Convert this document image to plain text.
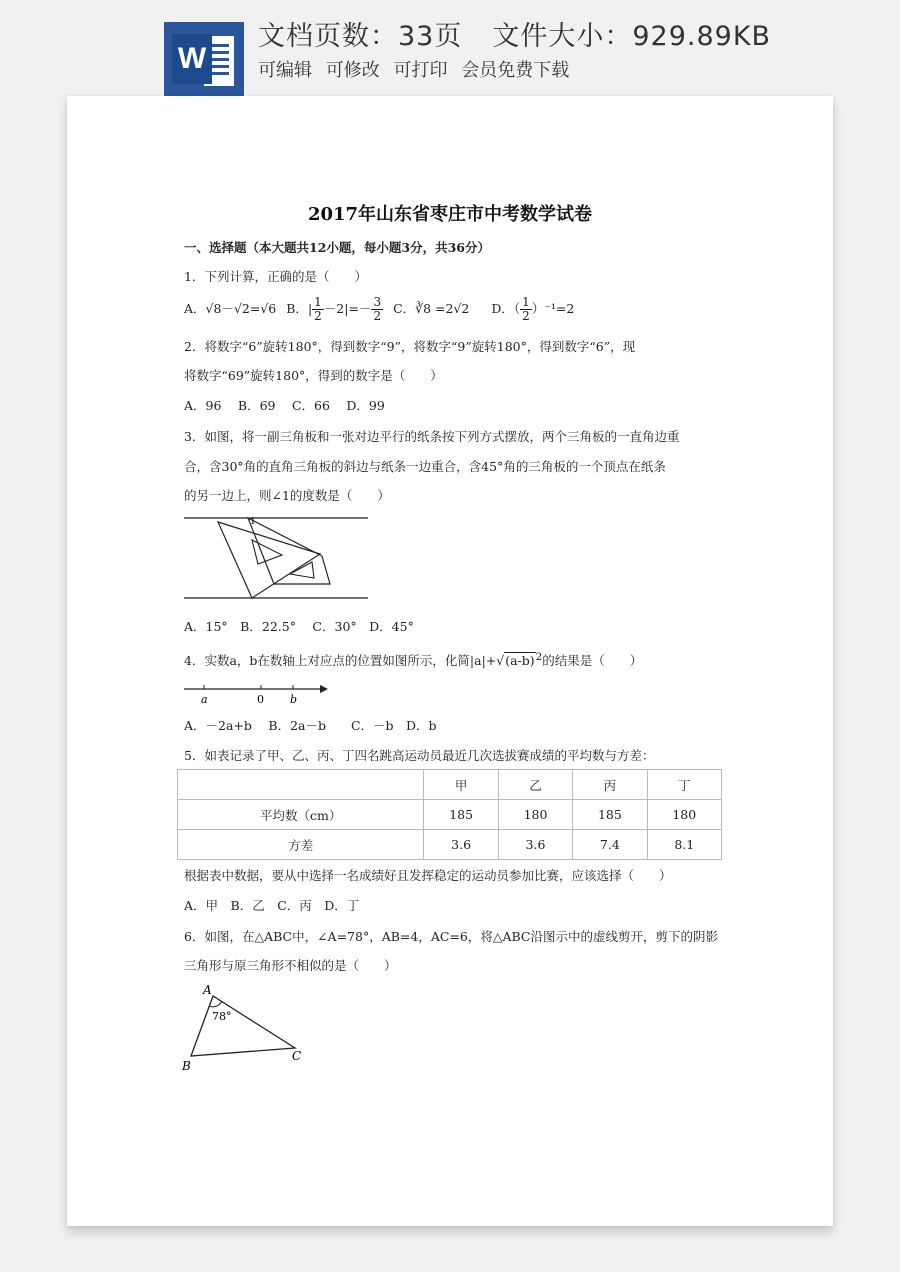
W
文档页数：33页 文件大小：929.89KB
可编辑 可修改 可打印 会员免费下载
2017年山东省枣庄市中考数学试卷
一、选择题（本大题共12小题，每小题3分，共36分）
1．下列计算，正确的是（　　）
A．√8－√2=√6 B．| $\frac{1}{2} -2|=- \frac{3}{2}$ C．∛8 =2√2 D．（ $\frac{1}{2} )^{-1}=2$
2．将数字“6”旋转180°，得到数字“9”，将数字“9”旋转180°，得到数字“6”，现
将数字“69”旋转180°，得到的数字是（　　）
A．96　 B．69　 C．66　 D．99
3．如图，将一副三角板和一张对边平行的纸条按下列方式摆放，两个三角板的一直角边重
合，含30°角的直角三角板的斜边与纸条一边重合，含45°角的三角板的一个顶点在纸条
的另一边上，则∠1的度数是（　　）
1
A．15°　B．22.5°　 C．30°　D．45°
4．实数a，b在数轴上对应点的位置如图所示，化简$|a|+√(a-b)^2$的结果是（　　）
a	0 b
A．－2a+b　 B．2a－b　　C．－b　D．b
5．如表记录了甲、乙、丙、丁四名跳高运动员最近几次选拔赛成绩的平均数与方差：
	甲	乙	丙	丁
平均数（cm）	185	180	185	180
方差	3.6	3.6	7.4	8.1
根据表中数据，要从中选择一名成绩好且发挥稳定的运动员参加比赛，应该选择（　　）
A．甲　B．乙　C．丙　D．丁
6．如图，在△ABC中，∠A=78°，AB=4，AC=6，将△ABC沿图示中的虚线剪开，剪下的阴影
三角形与原三角形不相似的是（　　）
A
B
C
78°
